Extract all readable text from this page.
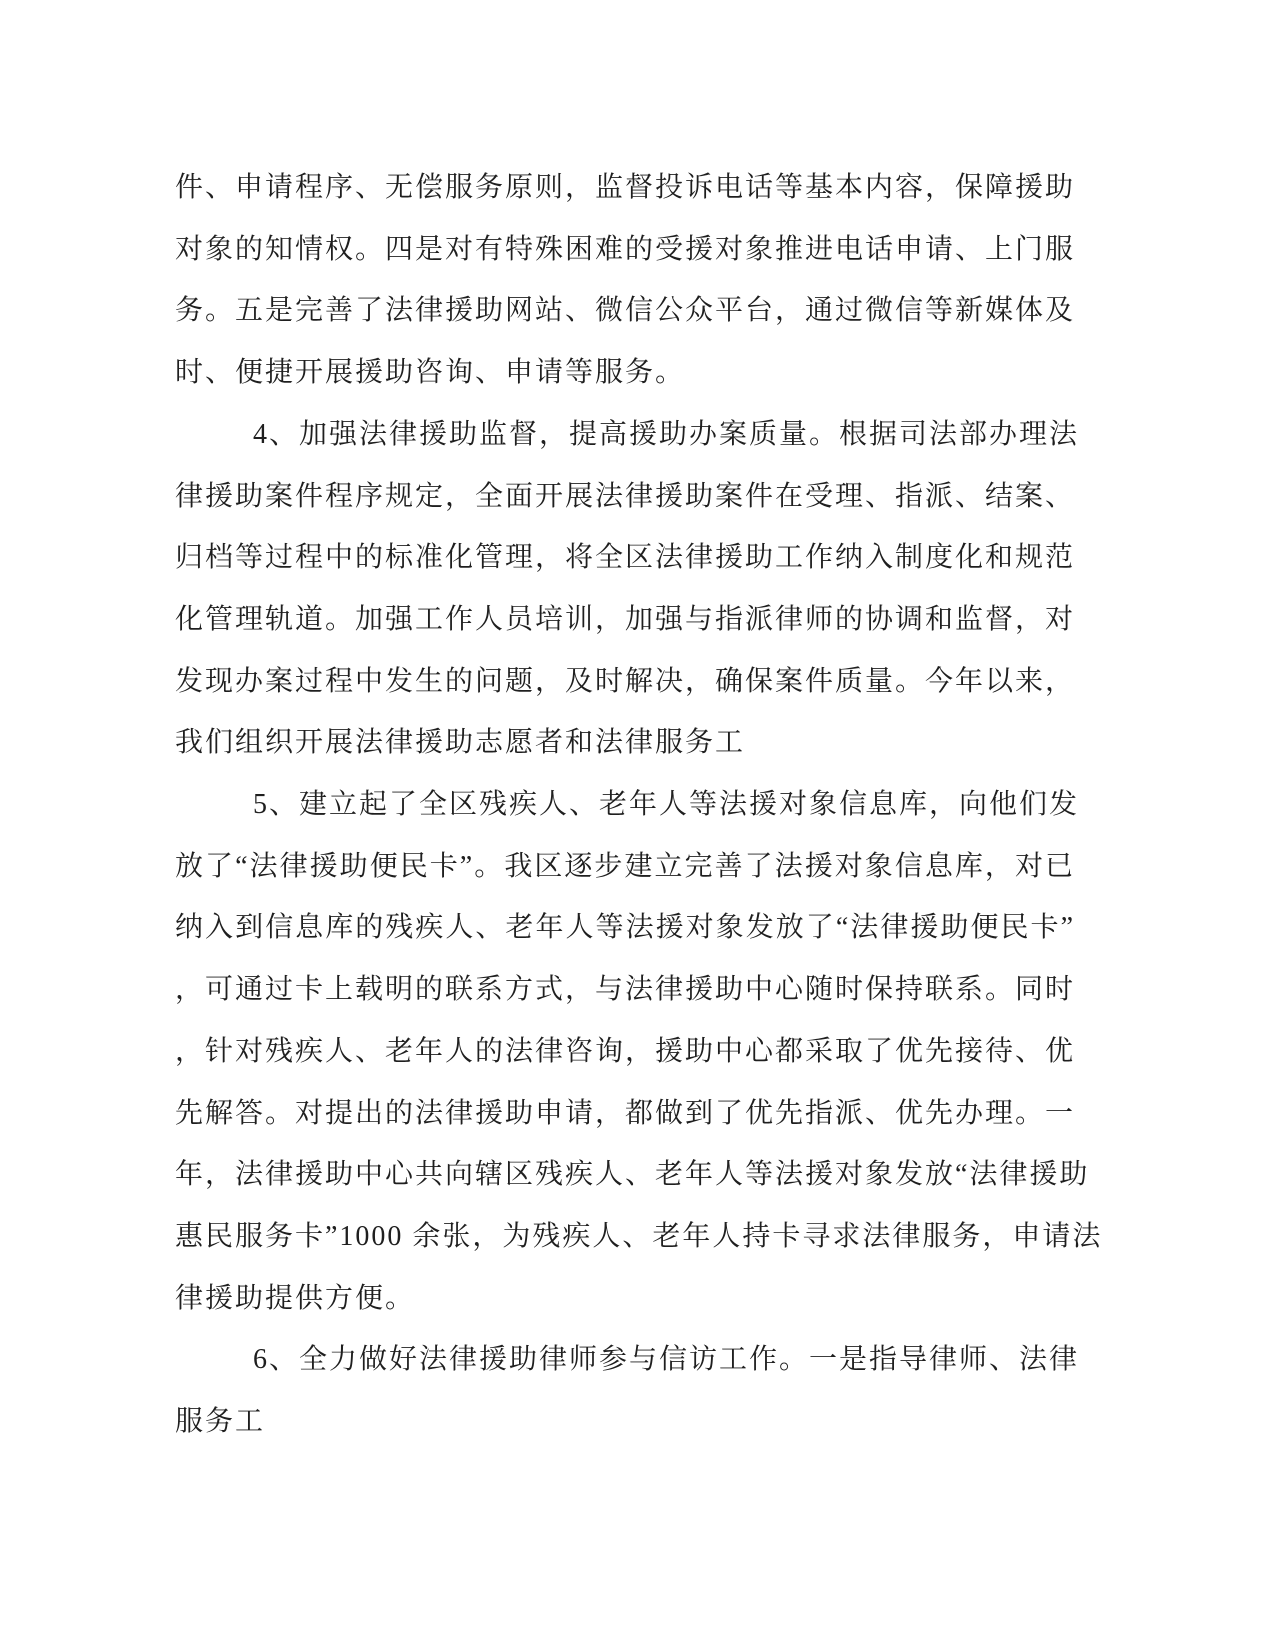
件、申请程序、无偿服务原则，监督投诉电话等基本内容，保障援助
对象的知情权。四是对有特殊困难的受援对象推进电话申请、上门服
务。五是完善了法律援助网站、微信公众平台，通过微信等新媒体及
时、便捷开展援助咨询、申请等服务。
4、加强法律援助监督，提高援助办案质量。根据司法部办理法
律援助案件程序规定，全面开展法律援助案件在受理、指派、结案、
归档等过程中的标准化管理，将全区法律援助工作纳入制度化和规范
化管理轨道。加强工作人员培训，加强与指派律师的协调和监督，对
发现办案过程中发生的问题，及时解决，确保案件质量。今年以来，
我们组织开展法律援助志愿者和法律服务工
5、建立起了全区残疾人、老年人等法援对象信息库，向他们发
放了“法律援助便民卡”。我区逐步建立完善了法援对象信息库，对已
纳入到信息库的残疾人、老年人等法援对象发放了“法律援助便民卡”
，可通过卡上载明的联系方式，与法律援助中心随时保持联系。同时
，针对残疾人、老年人的法律咨询，援助中心都采取了优先接待、优
先解答。对提出的法律援助申请，都做到了优先指派、优先办理。一
年，法律援助中心共向辖区残疾人、老年人等法援对象发放“法律援助
惠民服务卡”1000 余张，为残疾人、老年人持卡寻求法律服务，申请法
律援助提供方便。
6、全力做好法律援助律师参与信访工作。一是指导律师、法律
服务工
